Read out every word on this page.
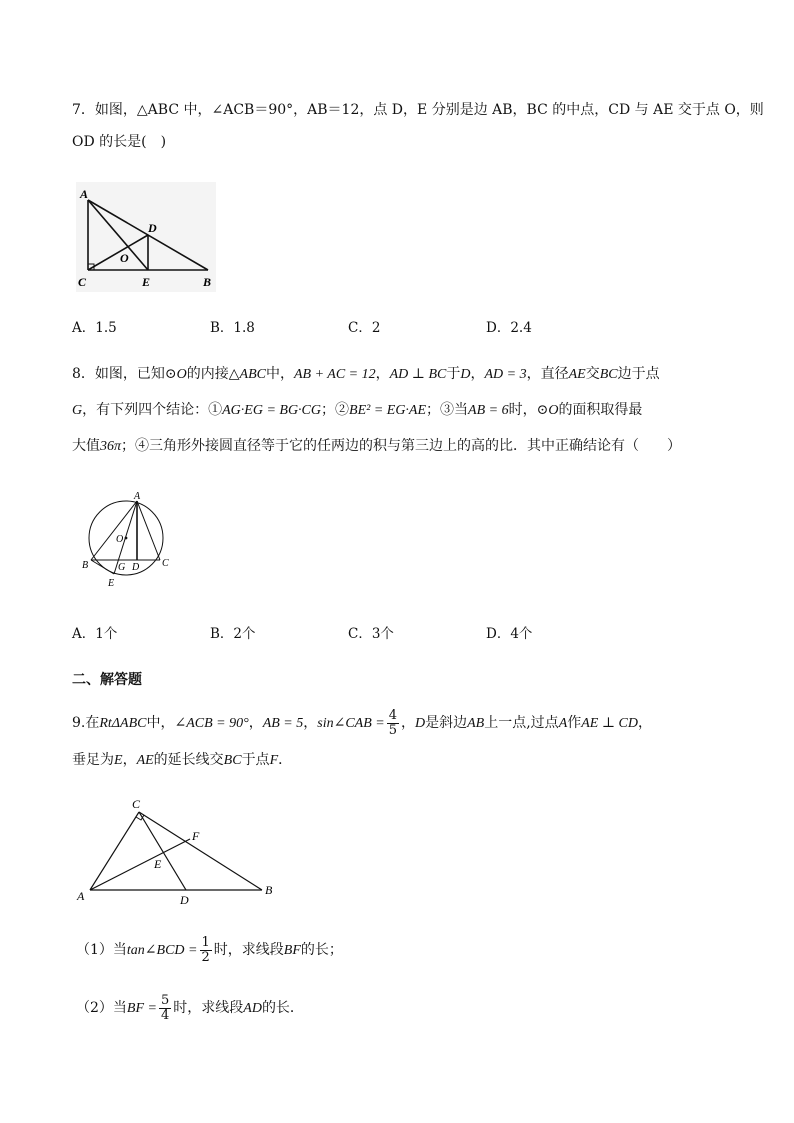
7．如图，△ABC 中，∠ACB＝90°，AB＝12，点 D，E 分别是边 AB，BC 的中点，CD 与 AE 交于点 O，则
OD 的长是(　)
A
D
O
C	E	B
A．1.5	B．1.8	C．2	D．2.4
8．如图，已知⊙O的内接△ABC中，AB + AC = 12，AD ⊥ BC于D，AD = 3，直径AE交BC边于点
G，有下列四个结论：①AG·EG = BG·CG；②BE² = EG·AE；③当AB = 6时，⊙O的面积取得最
大值36π；④三角形外接圆直径等于它的任两边的积与第三边上的高的比．其中正确结论有（　　）
A
O
B	G D C
E
A．1个	B．2个	C．3个	D．4个
二、解答题
9.在RtΔABC中，∠ACB = 90°，AB = 5，sin∠CAB = $\frac{4}{5}$ ，D是斜边AB上一点,过点A作AE ⊥ CD，
垂足为E，AE的延长线交BC于点F．
C
F
E
A	D
B
（1）当tan∠BCD = $\frac{1}{2}$ 时，求线段BF的长；
（2）当BF = $\frac{5}{4}$ 时，求线段AD的长．
